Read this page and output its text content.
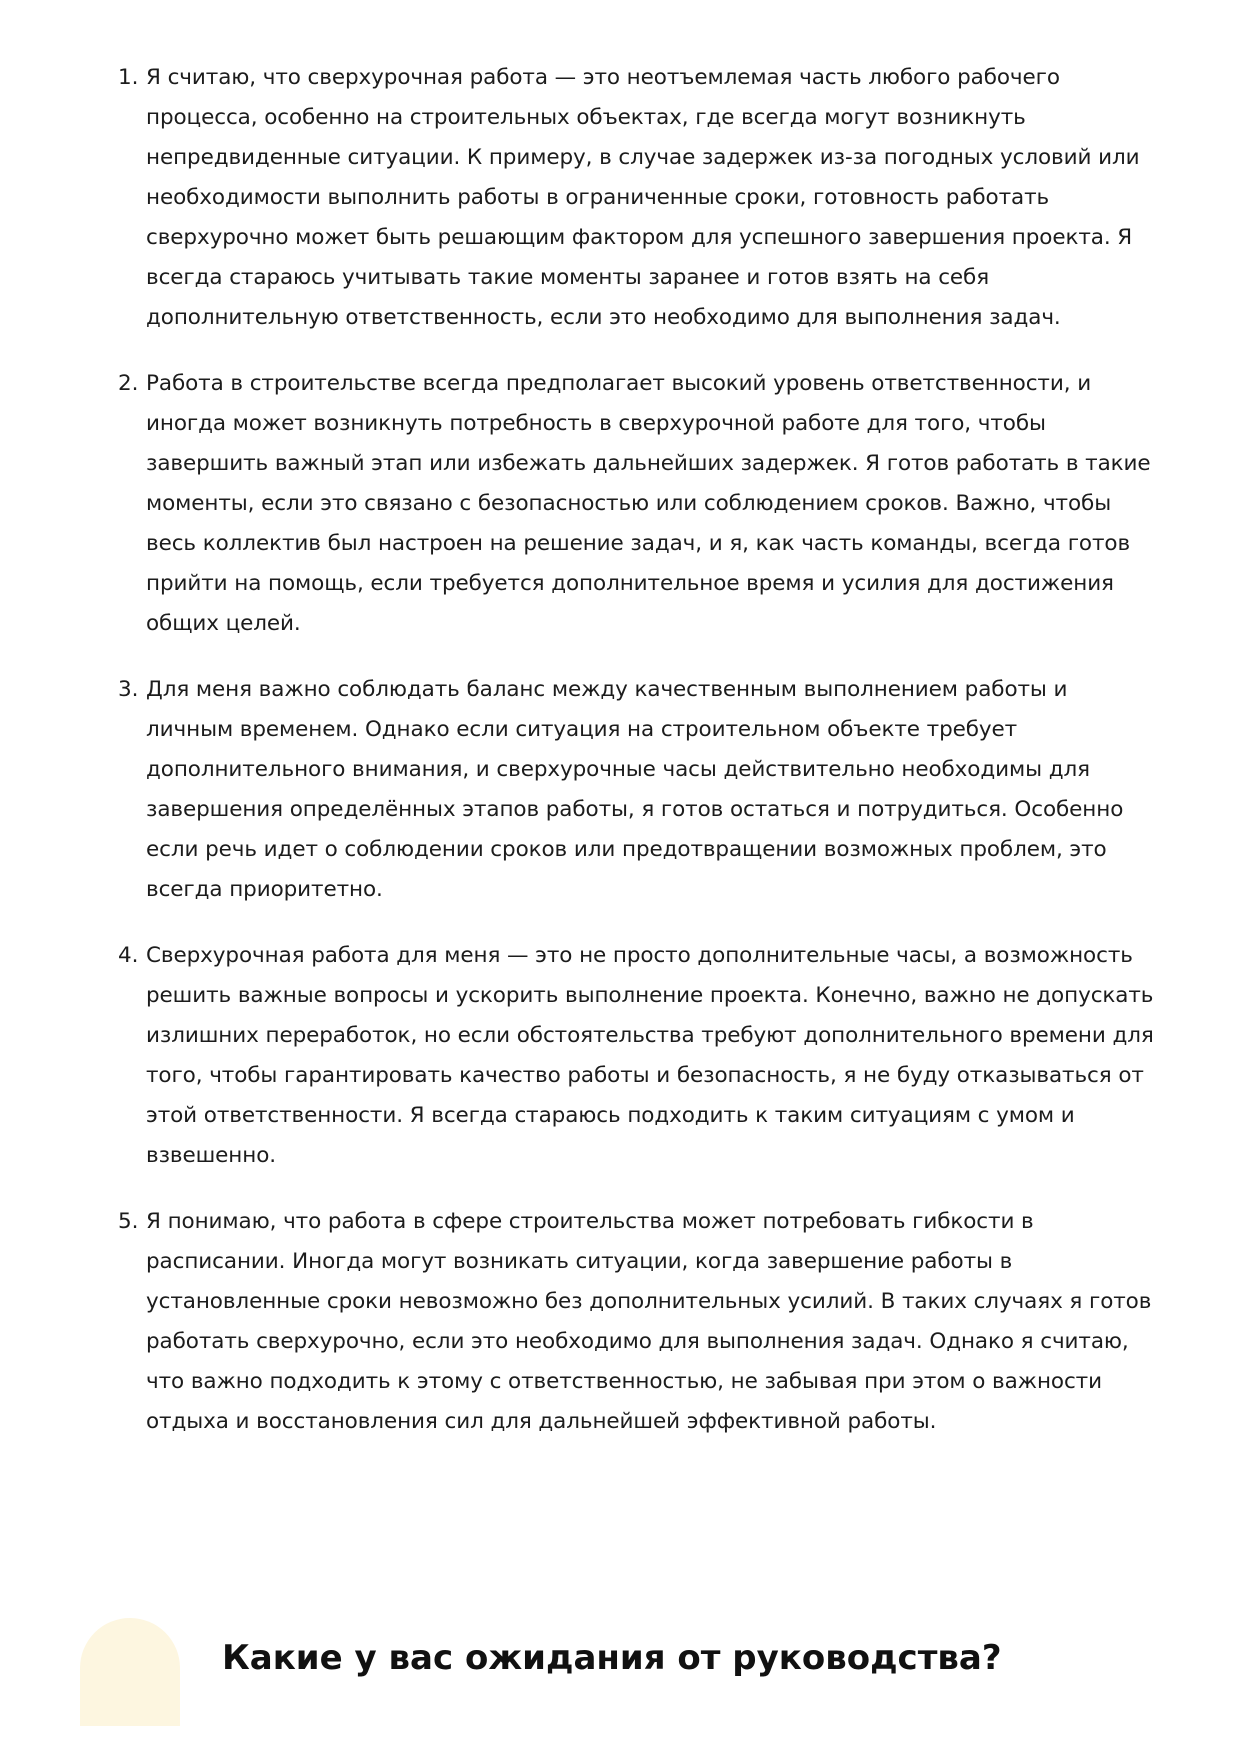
1. Я считаю, что сверхурочная работа — это неотъемлемая часть любого рабочего процесса, особенно на строительных объектах, где всегда могут возникнуть непредвиденные ситуации. К примеру, в случае задержек из-за погодных условий или необходимости выполнить работы в ограниченные сроки, готовность работать сверхурочно может быть решающим фактором для успешного завершения проекта. Я всегда стараюсь учитывать такие моменты заранее и готов взять на себя дополнительную ответственность, если это необходимо для выполнения задач.
2. Работа в строительстве всегда предполагает высокий уровень ответственности, и иногда может возникнуть потребность в сверхурочной работе для того, чтобы завершить важный этап или избежать дальнейших задержек. Я готов работать в такие моменты, если это связано с безопасностью или соблюдением сроков. Важно, чтобы весь коллектив был настроен на решение задач, и я, как часть команды, всегда готов прийти на помощь, если требуется дополнительное время и усилия для достижения общих целей.
3. Для меня важно соблюдать баланс между качественным выполнением работы и личным временем. Однако если ситуация на строительном объекте требует дополнительного внимания, и сверхурочные часы действительно необходимы для завершения определённых этапов работы, я готов остаться и потрудиться. Особенно если речь идет о соблюдении сроков или предотвращении возможных проблем, это всегда приоритетно.
4. Сверхурочная работа для меня — это не просто дополнительные часы, а возможность решить важные вопросы и ускорить выполнение проекта. Конечно, важно не допускать излишних переработок, но если обстоятельства требуют дополнительного времени для того, чтобы гарантировать качество работы и безопасность, я не буду отказываться от этой ответственности. Я всегда стараюсь подходить к таким ситуациям с умом и взвешенно.
5. Я понимаю, что работа в сфере строительства может потребовать гибкости в расписании. Иногда могут возникать ситуации, когда завершение работы в установленные сроки невозможно без дополнительных усилий. В таких случаях я готов работать сверхурочно, если это необходимо для выполнения задач. Однако я считаю, что важно подходить к этому с ответственностью, не забывая при этом о важности отдыха и восстановления сил для дальнейшей эффективной работы.
Какие у вас ожидания от руководства?
